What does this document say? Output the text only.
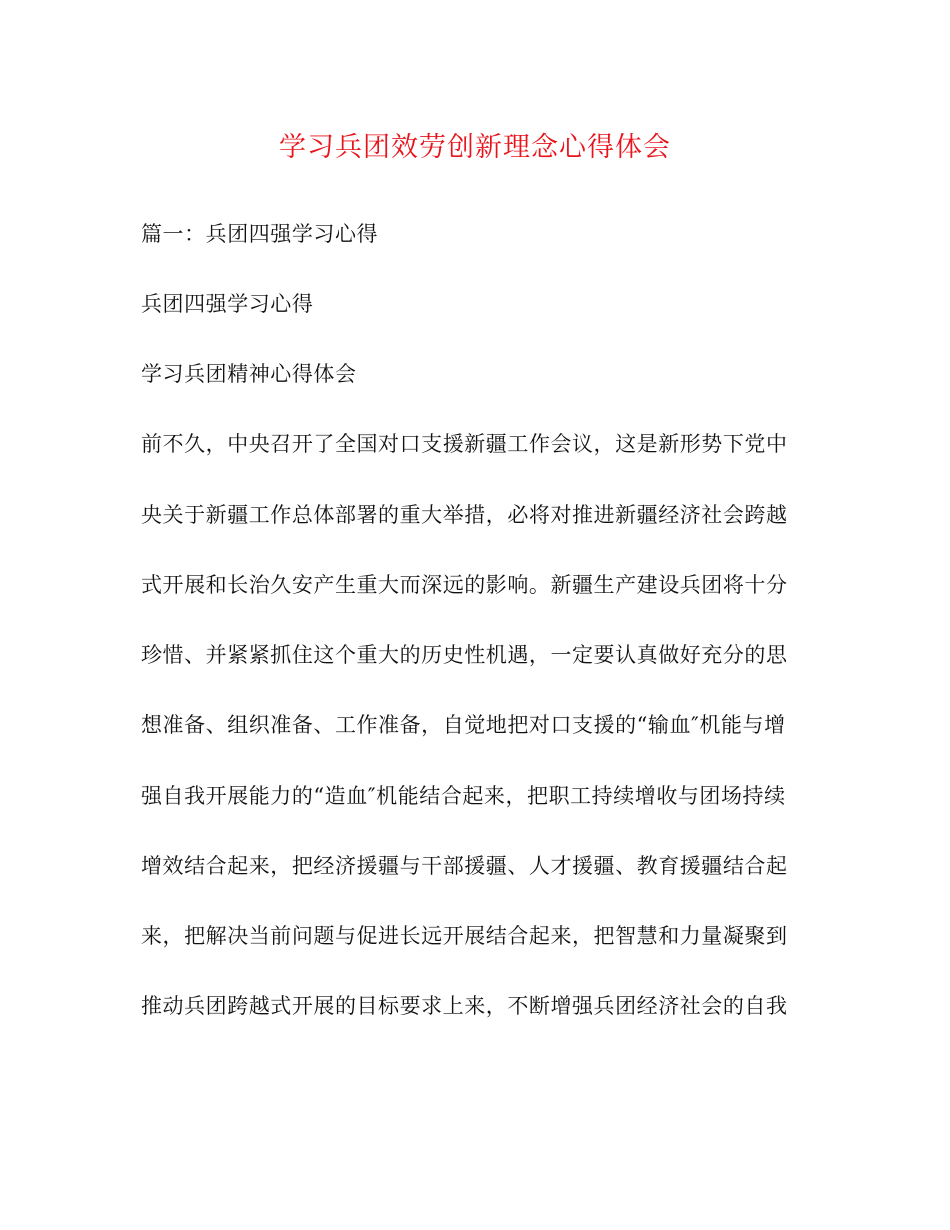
学习兵团效劳创新理念心得体会
篇一：兵团四强学习心得
兵团四强学习心得
学习兵团精神心得体会
前不久，中央召开了全国对口支援新疆工作会议，这是新形势下党中
央关于新疆工作总体部署的重大举措，必将对推进新疆经济社会跨越
式开展和长治久安产生重大而深远的影响。新疆生产建设兵团将十分
珍惜、并紧紧抓住这个重大的历史性机遇，一定要认真做好充分的思
想准备、组织准备、工作准备，自觉地把对口支援的“输血″机能与增
强自我开展能力的“造血″机能结合起来，把职工持续增收与团场持续
增效结合起来，把经济援疆与干部援疆、人才援疆、教育援疆结合起
来，把解决当前问题与促进长远开展结合起来，把智慧和力量凝聚到
推动兵团跨越式开展的目标要求上来，不断增强兵团经济社会的自我
